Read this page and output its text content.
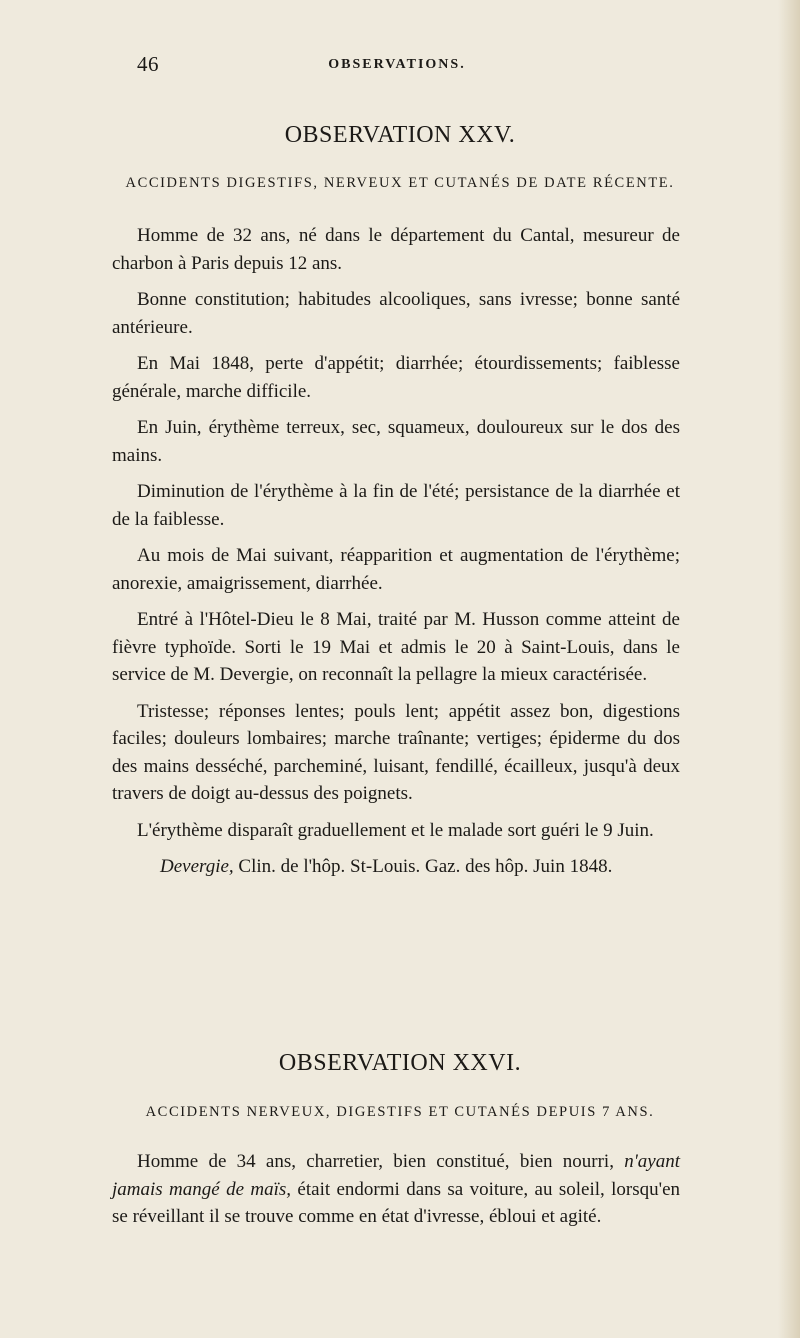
46	OBSERVATIONS.
OBSERVATION XXV.
ACCIDENTS DIGESTIFS, NERVEUX ET CUTANÉS DE DATE RÉCENTE.

Homme de 32 ans, né dans le département du Cantal, mesureur de charbon à Paris depuis 12 ans.

Bonne constitution; habitudes alcooliques, sans ivresse; bonne santé antérieure.

En Mai 1848, perte d'appétit; diarrhée; étourdissements; faiblesse générale, marche difficile.

En Juin, érythème terreux, sec, squameux, douloureux sur le dos des mains.

Diminution de l'érythème à la fin de l'été; persistance de la diarrhée et de la faiblesse.

Au mois de Mai suivant, réapparition et augmentation de l'érythème; anorexie, amaigrissement, diarrhée.

Entré à l'Hôtel-Dieu le 8 Mai, traité par M. Husson comme atteint de fièvre typhoïde. Sorti le 19 Mai et admis le 20 à Saint-Louis, dans le service de M. Devergie, on reconnaît la pellagre la mieux caractérisée.

Tristesse; réponses lentes; pouls lent; appétit assez bon, digestions faciles; douleurs lombaires; marche traînante; vertiges; épiderme du dos des mains desséché, parcheminé, luisant, fendillé, écailleux, jusqu'à deux travers de doigt au-dessus des poignets.

L'érythème disparaît graduellement et le malade sort guéri le 9 Juin.

Devergie, Clin. de l'hôp. St-Louis. Gaz. des hôp. Juin 1848.

OBSERVATION XXVI.
ACCIDENTS NERVEUX, DIGESTIFS ET CUTANÉS DEPUIS 7 ANS.

Homme de 34 ans, charretier, bien constitué, bien nourri, n'ayant jamais mangé de maïs, était endormi dans sa voiture, au soleil, lorsqu'en se réveillant il se trouve comme en état d'ivresse, ébloui et agité.
